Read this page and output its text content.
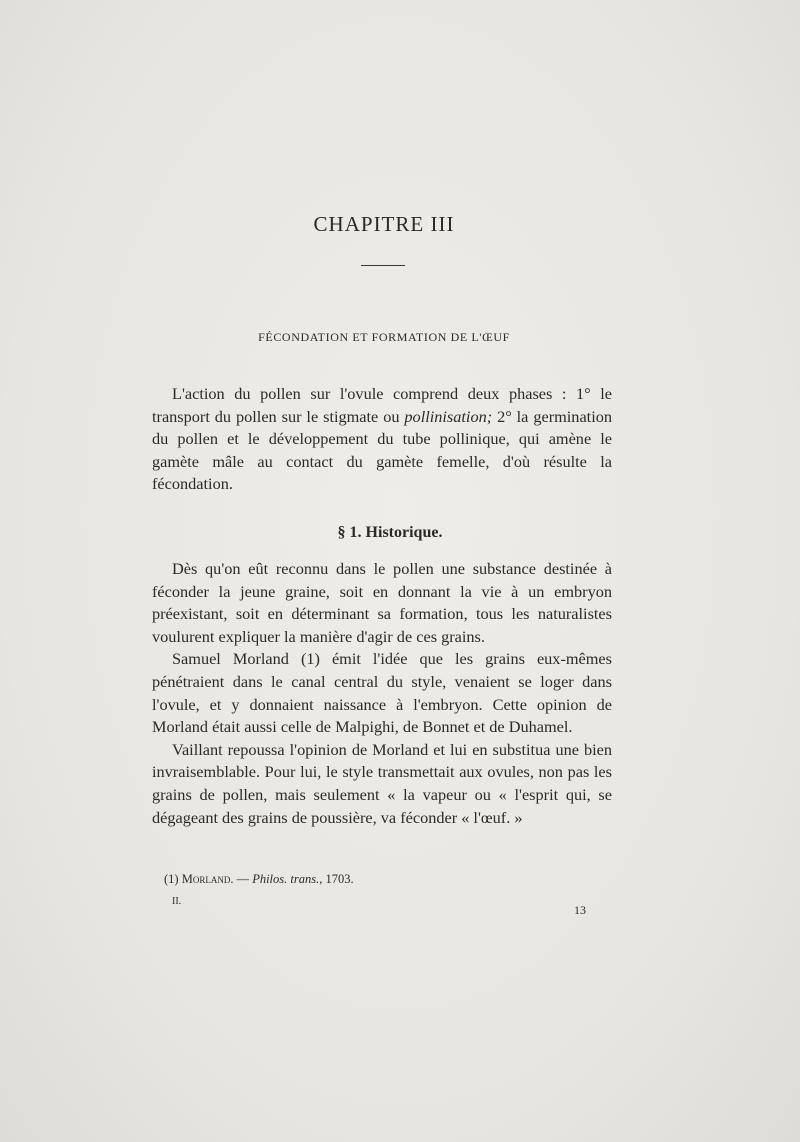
CHAPITRE III
FÉCONDATION ET FORMATION DE L'ŒUF

L'action du pollen sur l'ovule comprend deux phases : 1° le transport du pollen sur le stigmate ou pollinisation; 2° la germination du pollen et le développement du tube pollinique, qui amène le gamète mâle au contact du gamète femelle, d'où résulte la fécondation.

§ 1. Historique.

Dès qu'on eût reconnu dans le pollen une substance destinée à féconder la jeune graine, soit en donnant la vie à un embryon préexistant, soit en déterminant sa formation, tous les naturalistes voulurent expliquer la manière d'agir de ces grains.

Samuel Morland (1) émit l'idée que les grains eux-mêmes pénétraient dans le canal central du style, venaient se loger dans l'ovule, et y donnaient naissance à l'embryon. Cette opinion de Morland était aussi celle de Malpighi, de Bonnet et de Duhamel.

Vaillant repoussa l'opinion de Morland et lui en substitua une bien invraisemblable. Pour lui, le style transmettait aux ovules, non pas les grains de pollen, mais seulement « la vapeur ou « l'esprit qui, se dégageant des grains de poussière, va féconder « l'œuf. »

(1) Morland. — Philos. trans., 1703.
II.
13
